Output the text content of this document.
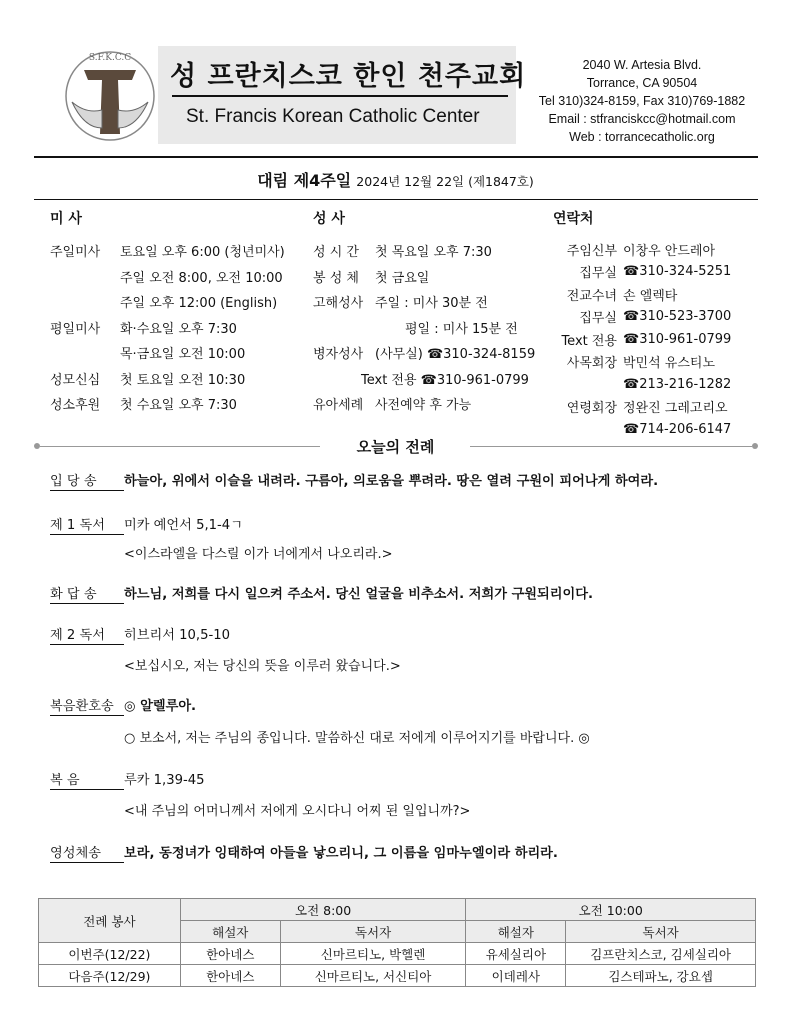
S.F.K.C.C
성 프란치스코 한인 천주교회
St. Francis Korean Catholic Center
2040 W. Artesia Blvd.
Torrance, CA 90504
Tel 310)324-8159, Fax 310)769-1882
Email : stfranciskcc@hotmail.com
Web : torrancecatholic.org
대림 제4주일 2024년 12월 22일 (제1847호)
미 사
주일미사	토요일 오후 6:00 (청년미사)
주일 오전 8:00, 오전 10:00
주일 오후 12:00 (English)
평일미사	화·수요일 오후 7:30
목·금요일 오전 10:00
성모신심	첫 토요일 오전 10:30
성소후원	첫 수요일 오후 7:30
성 사
성 시 간	첫 목요일 오후 7:30
봉 성 체	첫 금요일
고해성사 주일 : 미사 30분 전
평일 : 미사 15분 전
병자성사 (사무실) ☎310-324-8159
Text 전용 ☎310-961-0799
유아세례 사전예약 후 가능
연락처
주임신부 이창우 안드레아
집무실 ☎310-324-5251
전교수녀 손 엘렉타
집무실 ☎310-523-3700
Text 전용 ☎310-961-0799
사목회장 박민석 유스티노
☎213-216-1282
연령회장 정완진 그레고리오
☎714-206-6147
오늘의 전례
입 당 송 하늘아, 위에서 이슬을 내려라. 구름아, 의로움을 뿌려라. 땅은 열려 구원이 피어나게 하여라.
제 1 독서 미카 예언서 5,1-4ㄱ
<이스라엘을 다스릴 이가 너에게서 나오리라.>
화 답 송 하느님, 저희를 다시 일으켜 주소서. 당신 얼굴을 비추소서. 저희가 구원되리이다.
제 2 독서 히브리서 10,5-10
<보십시오, 저는 당신의 뜻을 이루러 왔습니다.>
복음환호송 ◎ 알렐루아.
○ 보소서, 저는 주님의 종입니다. 말씀하신 대로 저에게 이루어지기를 바랍니다. ◎
복 음	루카 1,39-45
<내 주님의 어머니께서 저에게 오시다니 어찌 된 일입니까?>
영성체송 보라, 동정녀가 잉태하여 아들을 낳으리니, 그 이름을 임마누엘이라 하리라.
전례 봉사	오전 8:00		오전 10:00	
	해설자	독서자	해설자	독서자
이번주(12/22)	한아네스	신마르티노, 박헬렌	유세실리아	김프란치스코, 김세실리아
다음주(12/29)	한아네스	신마르티노, 서신티아	이데레사	김스테파노, 강요셉
